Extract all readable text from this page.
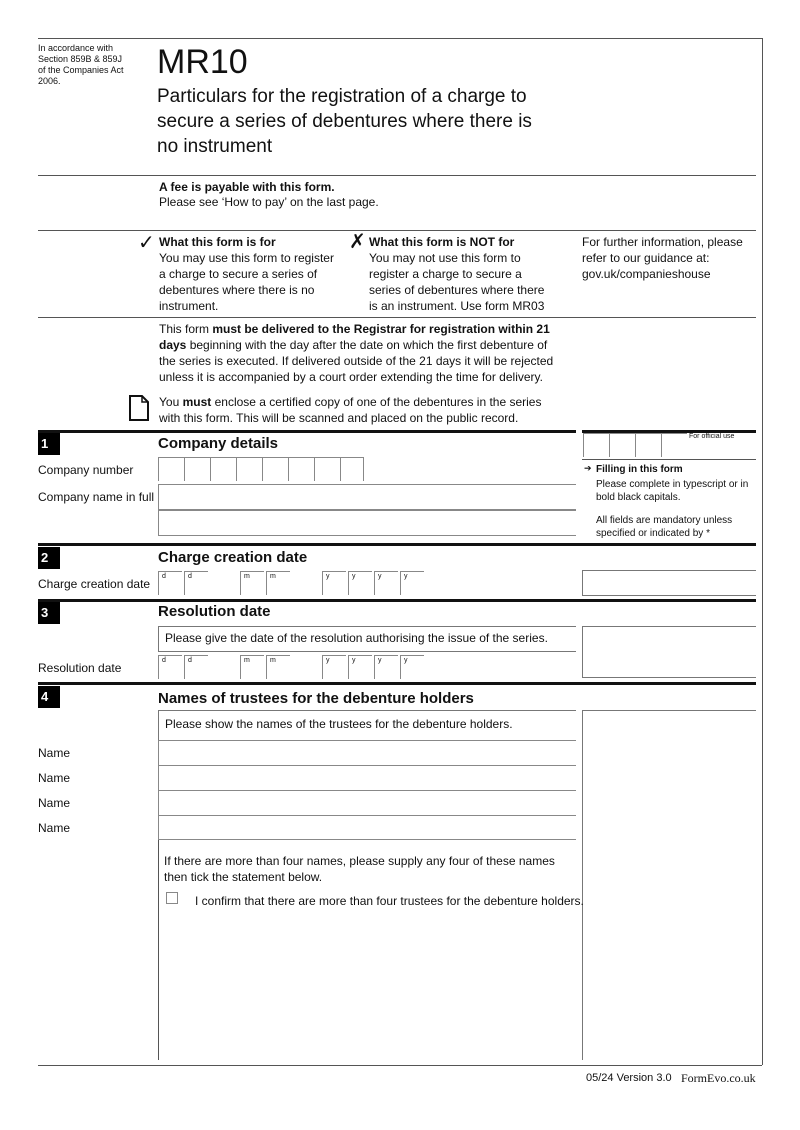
In accordance with Section 859B & 859J of the Companies Act 2006.	MR10
Particulars for the registration of a charge to secure a series of debentures where there is no instrument
A fee is payable with this form.
Please see ‘How to pay’ on the last page.
✓ What this form is for
You may use this form to register a charge to secure a series of debentures where there is no instrument.
✗ What this form is NOT for
You may not use this form to register a charge to secure a series of debentures where there is an instrument. Use form MR03
For further information, please refer to our guidance at: gov.uk/companieshouse
This form must be delivered to the Registrar for registration within 21 days beginning with the day after the date on which the first debenture of the series is executed. If delivered outside of the 21 days it will be rejected unless it is accompanied by a court order extending the time for delivery.
You must enclose a certified copy of one of the debentures in the series with this form. This will be scanned and placed on the public record.
1	Company details	For official use
Company number
Company name in full
➔ Filling in this form
Please complete in typescript or in bold black capitals.
All fields are mandatory unless specified or indicated by *
2	Charge creation date
Charge creation date
d	d	m	m	y	y	y	y
3	Resolution date
Please give the date of the resolution authorising the issue of the series.
Resolution date
d	d	m	m	y	y	y	y
4	Names of trustees for the debenture holders
Please show the names of the trustees for the debenture holders.
Name
Name
Name
Name
If there are more than four names, please supply any four of these names then tick the statement below.
I confirm that there are more than four trustees for the debenture holders.
05/24 Version 3.0 FormEvo.co.uk
